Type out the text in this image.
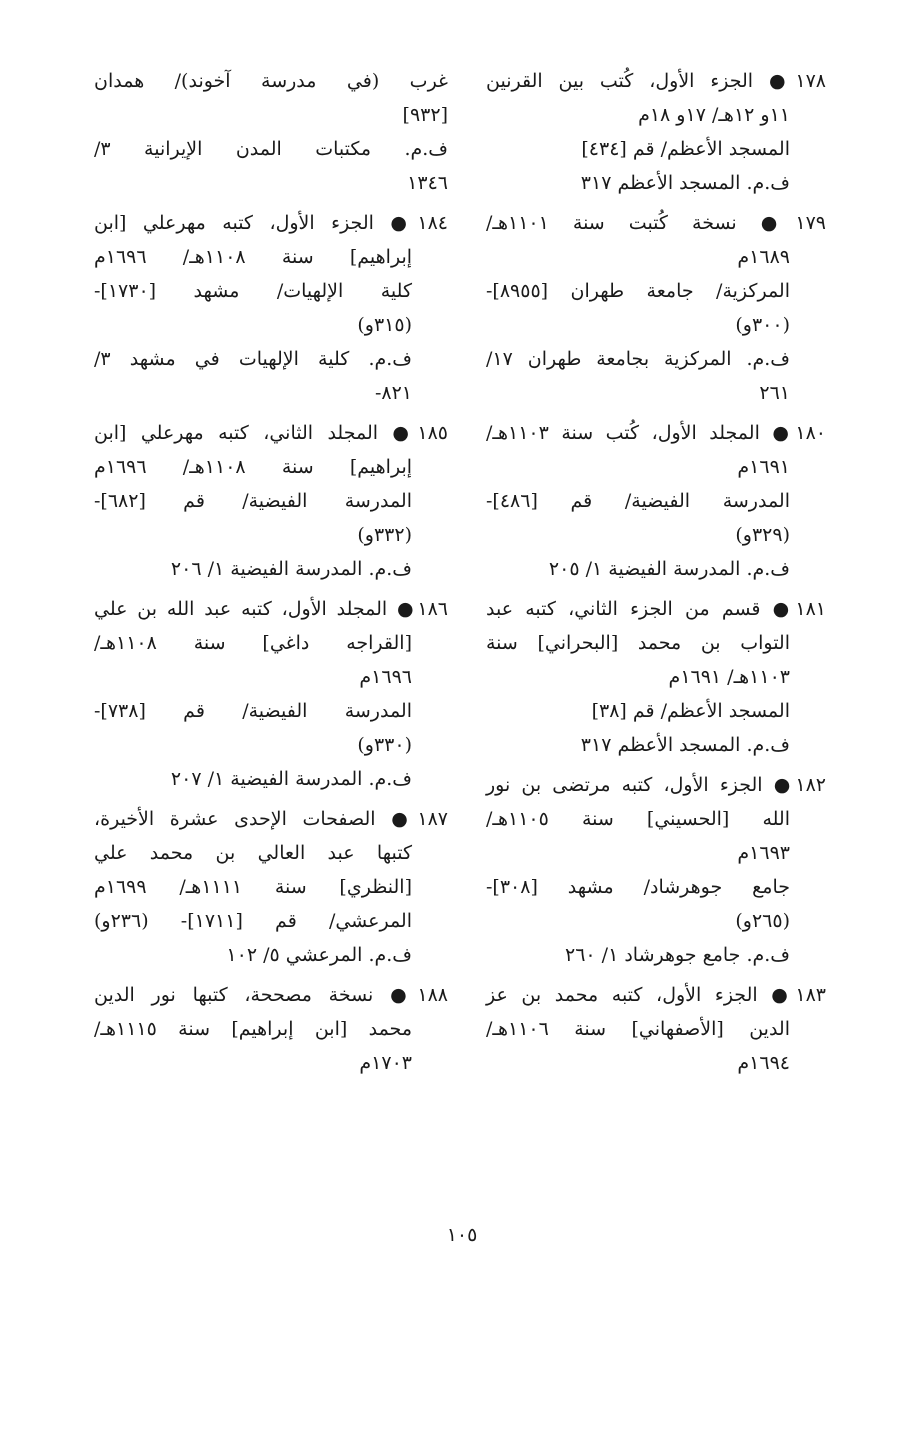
١٧٨● الجزء الأول، كُتب بين القرنين
١١و ١٢هـ/ ١٧و ١٨م
المسجد الأعظم/ قم [٤٣٤]
ف.م. المسجد الأعظم ٣١٧
١٧٩● نسخة كُتبت سنة ١١٠١هـ/
١٦٨٩م
المركزية/ جامعة طهران [٨٩٥٥]-
(٣٠٠و)
ف.م. المركزية بجامعة طهران ١٧/
٢٦١
١٨٠● المجلد الأول، كُتب سنة ١١٠٣هـ/
١٦٩١م
المدرسة الفيضية/ قم [٤٨٦]-
(٣٢٩و)
ف.م. المدرسة الفيضية ١/ ٢٠٥
١٨١● قسم من الجزء الثاني، كتبه عبد
التواب بن محمد [البحراني] سنة
١١٠٣هـ/ ١٦٩١م
المسجد الأعظم/ قم [٣٨]
ف.م. المسجد الأعظم ٣١٧
١٨٢● الجزء الأول، كتبه مرتضى بن نور
الله [الحسيني] سنة ١١٠٥هـ/
١٦٩٣م
جامع جوهرشاد/ مشهد [٣٠٨]-
(٢٦٥و)
ف.م. جامع جوهرشاد ١/ ٢٦٠
١٨٣● الجزء الأول، كتبه محمد بن عز
الدين [الأصفهاني] سنة ١١٠٦هـ/
١٦٩٤م
غرب (في مدرسة آخوند)/ همدان
[٩٣٢]
ف.م. مكتبات المدن الإيرانية ٣/
١٣٤٦
١٨٤● الجزء الأول، كتبه مهرعلي [ابن
إبراهيم] سنة ١١٠٨هـ/ ١٦٩٦م
كلية الإلهيات/ مشهد [١٧٣٠]-
(٣١٥و)
ف.م. كلية الإلهيات في مشهد ٣/
٨٢١-
١٨٥● المجلد الثاني، كتبه مهرعلي [ابن
إبراهيم] سنة ١١٠٨هـ/ ١٦٩٦م
المدرسة الفيضية/ قم [٦٨٢]-
(٣٣٢و)
ف.م. المدرسة الفيضية ١/ ٢٠٦
١٨٦● المجلد الأول، كتبه عبد الله بن علي
[القراجه داغي] سنة ١١٠٨هـ/
١٦٩٦م
المدرسة الفيضية/ قم [٧٣٨]-
(٣٣٠و)
ف.م. المدرسة الفيضية ١/ ٢٠٧
١٨٧● الصفحات الإحدى عشرة الأخيرة،
كتبها عبد العالي بن محمد علي
[النظري] سنة ١١١١هـ/ ١٦٩٩م
المرعشي/ قم [١٧١١]- (٢٣٦و)
ف.م. المرعشي ٥/ ١٠٢
١٨٨● نسخة مصححة، كتبها نور الدين
محمد [ابن إبراهيم] سنة ١١١٥هـ/
١٧٠٣م
١٠٥
